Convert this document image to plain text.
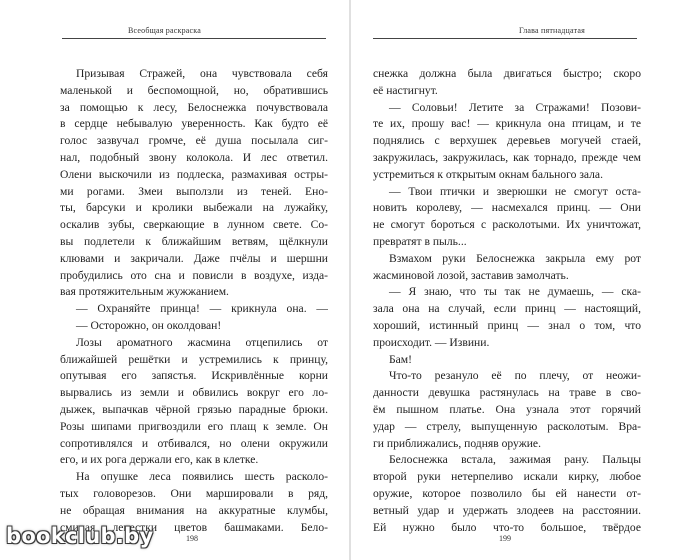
Всеобщая раскраска
Призывая Стражей, она чувствовала себя
маленькой и беспомощной, но, обратившись
за помощью к лесу, Белоснежка почувствовала
в сердце небывалую уверенность. Как будто её
голос зазвучал громче, её душа посылала сиг-
нал, подобный звону колокола. И лес ответил.
Олени выскочили из подлеска, размахивая остры-
ми рогами. Змеи выползли из теней. Ено-
ты, барсуки и кролики выбежали на лужайку,
оскалив зубы, сверкающие в лунном свете. Со-
вы подлетели к ближайшим ветвям, щёлкнули
клювами и закричали. Даже пчёлы и шершни
пробудились ото сна и повисли в воздухе, изда-
вая протяжительным жужжанием.
— Охраняйте принца! — крикнула она. —
— Осторожно, он околдован!
Лозы ароматного жасмина отцепились от
ближайшей решётки и устремились к принцу,
опутывая его запястья. Искривлённые корни
вырвались из земли и обвились вокруг его ло-
дыжек, выпачкав чёрной грязью парадные брюки.
Розы шипами пригвоздили его плащ к земле. Он
сопротивлялся и отбивался, но олени окружили
его, и их рога держали его, как в клетке.
На опушке леса появились шесть расколо-
тых головорезов. Они маршировали в ряд,
не обращая внимания на аккуратные клумбы,
сминая лепестки цветов башмаками. Бело-
198
Глава пятнадцатая
снежка должна была двигаться быстро; скоро
её настигнут.
— Соловьи! Летите за Стражами! Позови-
те их, прошу вас! — крикнула она птицам, и те
поднялись с верхушек деревьев могучей стаей,
закружилась, закружилась, как торнадо, прежде чем
устремиться к открытым окнам бального зала.
— Твои птички и зверюшки не смогут оста-
новить королеву, — насмехался принц. — Они
не смогут бороться с расколотыми. Их уничтожат,
превратят в пыль...
Взмахом руки Белоснежка закрыла ему рот
жасминовой лозой, заставив замолчать.
— Я знаю, что ты так не думаешь, — ска-
зала она на случай, если принц — настоящий,
хороший, истинный принц — знал о том, что
происходит. — Извини.
Бам!
Что-то резануло её по плечу, от неожи-
данности девушка растянулась на траве в сво-
ём пышном платье. Она узнала этот горячий
удар — стрелу, выпущенную расколотым. Вра-
ги приближались, подняв оружие.
Белоснежка встала, зажимая рану. Пальцы
второй руки нетерпеливо искали кирку, любое
оружие, которое позволило бы ей нанести от-
ветный удар и удержать злодеев на расстоянии.
Ей нужно было что-то большое, твёрдое
199
bookclub.by
